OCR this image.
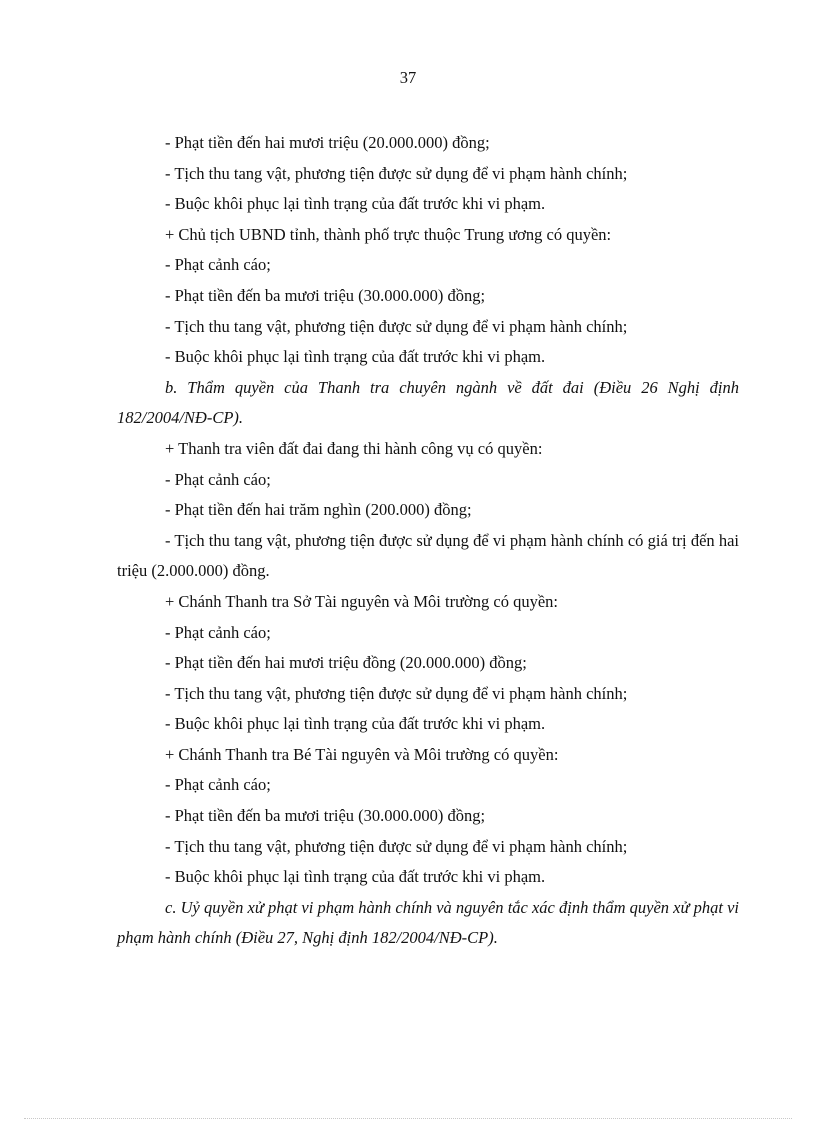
37
- Phạt tiền đến hai mươi triệu (20.000.000) đồng;
- Tịch thu tang vật, phương tiện được sử dụng để vi phạm hành chính;
- Buộc khôi phục lại tình trạng của đất trước khi vi phạm.
+ Chủ tịch UBND tỉnh, thành phố trực thuộc Trung ương có quyền:
- Phạt cảnh cáo;
- Phạt tiền đến ba mươi triệu (30.000.000) đồng;
- Tịch thu tang vật, phương tiện được sử dụng để vi phạm hành chính;
- Buộc khôi phục lại tình trạng của đất trước khi vi phạm.
b. Thẩm quyền của Thanh tra chuyên ngành về đất đai (Điều 26 Nghị định 182/2004/NĐ-CP).
+ Thanh tra viên đất đai đang thi hành công vụ có quyền:
- Phạt cảnh cáo;
- Phạt tiền đến hai trăm nghìn (200.000) đồng;
- Tịch thu tang vật, phương tiện được sử dụng để vi phạm hành chính có giá trị đến hai triệu (2.000.000) đồng.
+ Chánh Thanh tra Sở Tài nguyên và Môi trường có quyền:
- Phạt cảnh cáo;
- Phạt tiền đến hai mươi triệu đồng (20.000.000) đồng;
- Tịch thu tang vật, phương tiện được sử dụng để vi phạm hành chính;
- Buộc khôi phục lại tình trạng của đất trước khi vi phạm.
+ Chánh Thanh tra Bé Tài nguyên và Môi trường có quyền:
- Phạt cảnh cáo;
- Phạt tiền đến ba mươi triệu (30.000.000) đồng;
- Tịch thu tang vật, phương tiện được sử dụng để vi phạm hành chính;
- Buộc khôi phục lại tình trạng của đất trước khi vi phạm.
c. Uỷ quyền xử phạt vi phạm hành chính và nguyên tắc xác định thẩm quyền xử phạt vi phạm hành chính (Điều 27, Nghị định 182/2004/NĐ-CP).
